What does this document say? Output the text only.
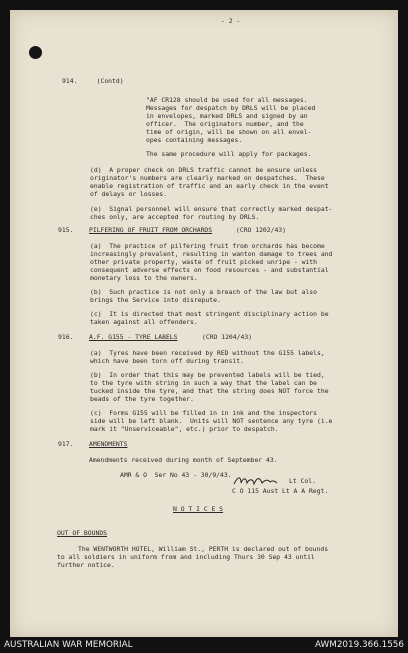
- 2 -
914.     (Contd)
"AF CR128 should be used for all messages.
Messages for despatch by DRLS will be placed
in envelopes, marked DRLS and signed by an
officer.  The originators number, and the
time of origin, will be shown on all envel-
opes containing messages.
The same procedure will apply for packages.
(d)  A proper check on DRLS traffic cannot be ensure unless
originator's numbers are clearly marked on despatches.  These
enable registration of traffic and an early check in the event
of delays or losses.
(e)  Signal personnel will ensure that correctly marked despat-
ches only, are accepted for routing by DRLS.
915. PILFERING OF FRUIT FROM ORCHARDS	(CRO 1202/43)
(a)  The practice of pilfering fruit from orchards has become
increasingly prevalent, resulting in wanton damage to trees and
other private property, waste of fruit picked unripe - with
consequent adverse effects on food resources - and substantial
monetary loss to the owners.
(b)  Such practice is not only a breach of the law but also
brings the Service into disrepute.
(c)  It is directed that most stringent disciplinary action be
taken against all offenders.
916. A.F. G155 - TYRE LABELS	(CRO 1204/43)
(a)  Tyres have been received by RED without the G155 labels,
which have been torn off during transit.
(b)  In order that this may be prevented labels will be tied,
to the tyre with string in such a way that the label can be
tucked inside the tyre, and that the string does NOT force the
beads of the tyre together.
(c)  Forms G155 will be filled in in ink and the inspectors
side will be left blank.  Units will NOT sentence any tyre (i.e
mark it "Unserviceable", etc.) prior to despatch.
917. AMENDMENTS
Amendments received during month of September 43.
AMR & O  Ser No 43 - 30/9/43.
Lt Col.
C O 115 Aust Lt A A Regt.
N O T I C E S
OUT OF BOUNDS
The WENTWORTH HOTEL, William St., PERTH is declared out of bounds
to all soldiers in uniform from and including Thurs 30 Sep 43 until
further notice.
AUSTRALIAN WAR MEMORIAL	AWM2019.366.1556
